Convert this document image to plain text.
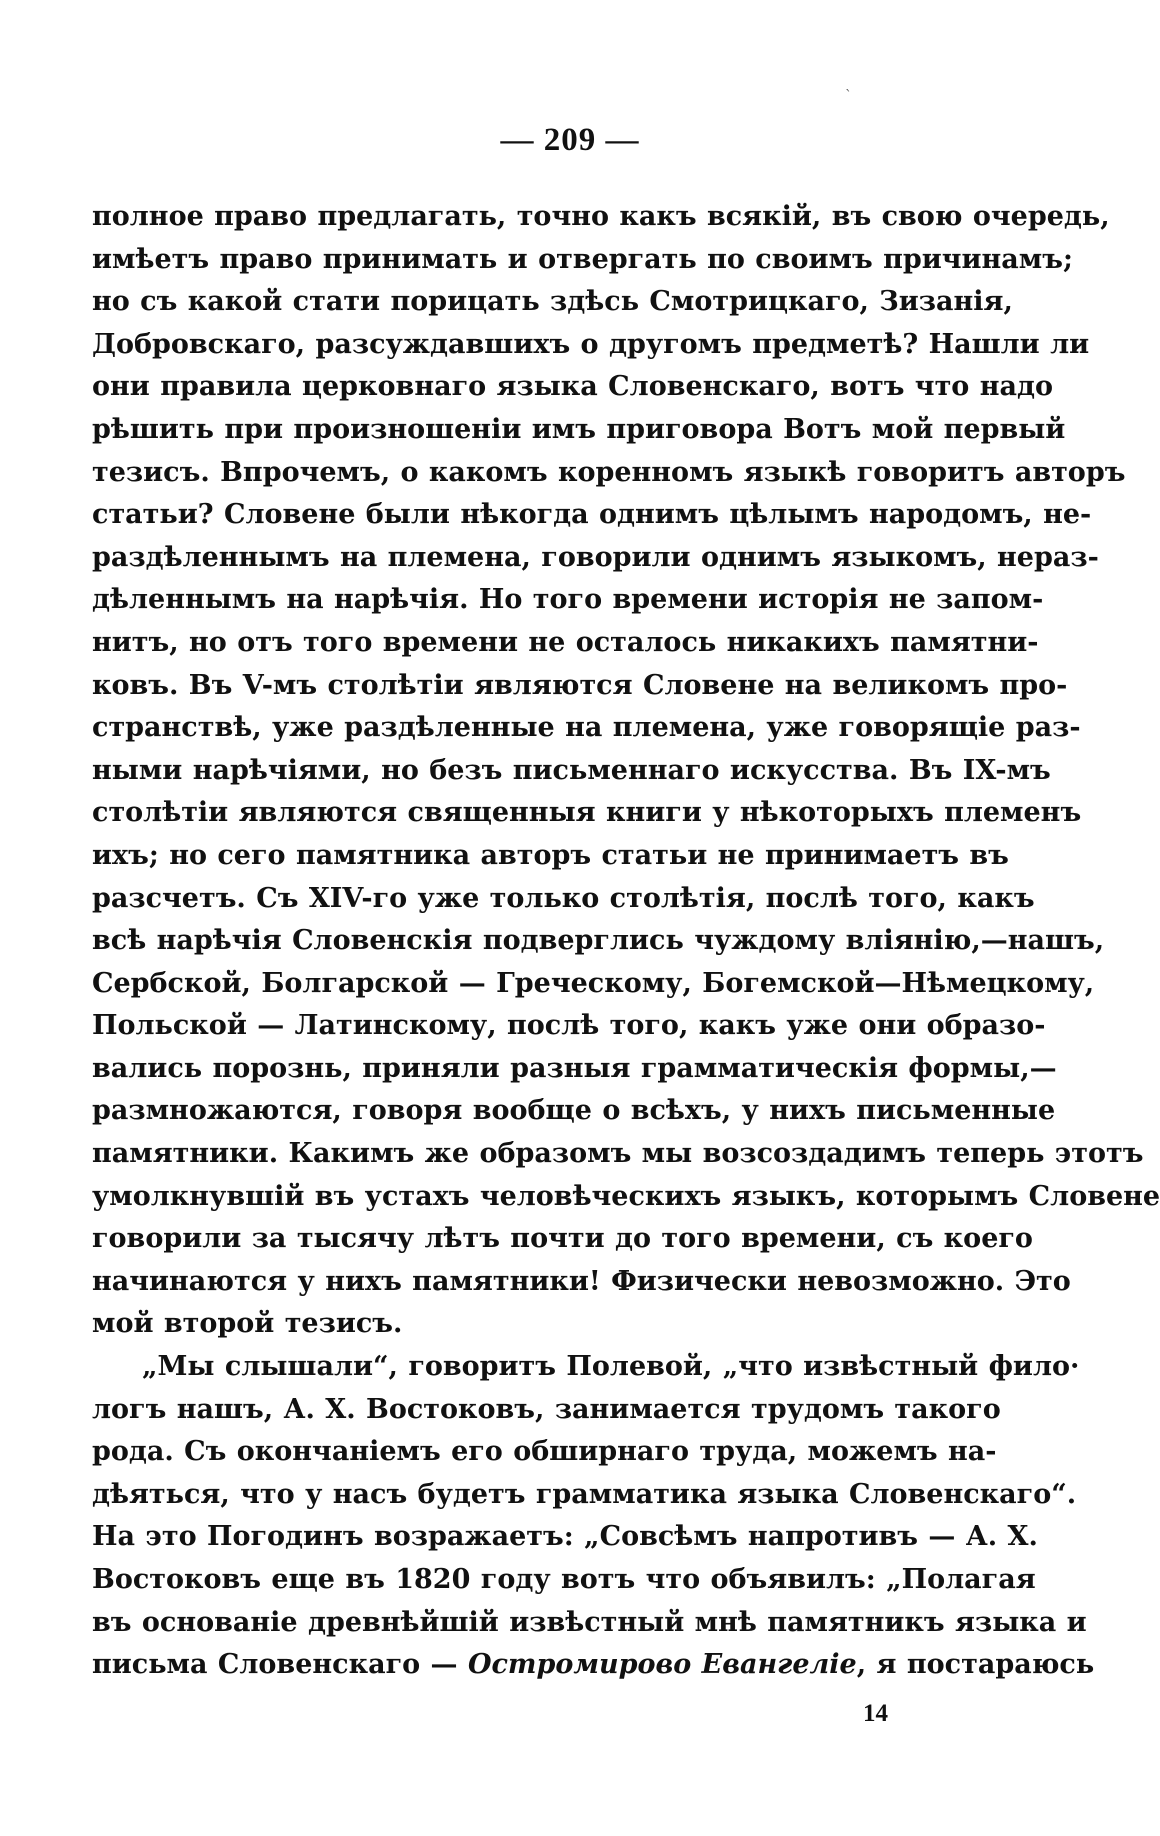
ˋ
— 209 —
полное право предлагать, точно какъ всякій, въ свою очередь,
имѣетъ право принимать и отвергать по своимъ причинамъ;
но съ какой стати порицать здѣсь Смотрицкаго, Зизанія,
Добровскаго, разсуждавшихъ о другомъ предметѣ? Нашли ли
они правила церковнаго языка Словенскаго, вотъ что надо
рѣшить при произношеніи имъ приговора Вотъ мой первый
тезисъ. Впрочемъ, о какомъ коренномъ языкѣ говоритъ авторъ
статьи? Словене были нѣкогда однимъ цѣлымъ народомъ, не-
раздѣленнымъ на племена, говорили однимъ языкомъ, нераз-
дѣленнымъ на нарѣчія. Но того времени исторія не запом-
нитъ, но отъ того времени не осталось никакихъ памятни-
ковъ. Въ V-мъ столѣтіи являются Словене на великомъ про-
странствѣ, уже раздѣленные на племена, уже говорящіе раз-
ными нарѣчіями, но безъ письменнаго искусства. Въ IX-мъ
столѣтіи являются священныя книги у нѣкоторыхъ племенъ
ихъ; но сего памятника авторъ статьи не принимаетъ въ
разсчетъ. Съ XIV-го уже только столѣтія, послѣ того, какъ
всѣ нарѣчія Словенскія подверглись чуждому вліянію,—нашъ,
Сербской, Болгарской — Греческому, Богемской—Нѣмецкому,
Польской — Латинскому, послѣ того, какъ уже они образо-
вались порознь, приняли разныя грамматическія формы,—
размножаются, говоря вообще о всѣхъ, у нихъ письменные
памятники. Какимъ же образомъ мы возсоздадимъ теперь этотъ
умолкнувшій въ устахъ человѣческихъ языкъ, которымъ Словене
говорили за тысячу лѣтъ почти до того времени, съ коего
начинаются у нихъ памятники! Физически невозможно. Это
мой второй тезисъ.
„Мы слышали“, говоритъ Полевой, „что извѣстный фило·
логъ нашъ, А. Х. Востоковъ, занимается трудомъ такого
рода. Съ окончаніемъ его обширнаго труда, можемъ на-
дѣяться, что у насъ будетъ грамматика языка Словенскаго“.
На это Погодинъ возражаетъ: „Совсѣмъ напротивъ — А. Х.
Востоковъ еще въ 1820 году вотъ что объявилъ: „Полагая
въ основаніе древнѣйшій извѣстный мнѣ памятникъ языка и
письма Словенскаго — Остромирово Евангеліе, я постараюсь
14
